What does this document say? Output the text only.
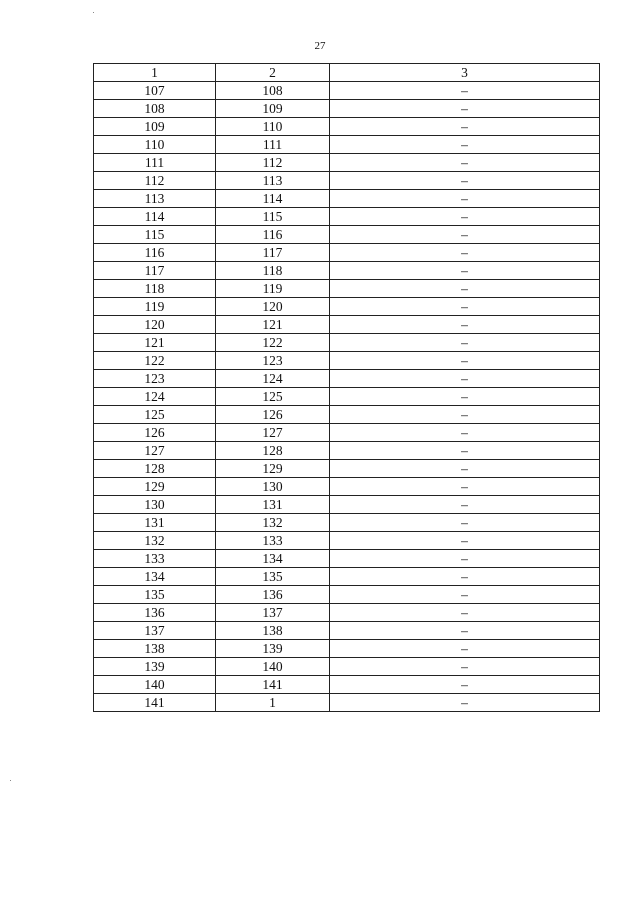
27
1	2	3
107	108	–
108	109	–
109	110	–
110	111	–
111	112	–
112	113	–
113	114	–
114	115	–
115	116	–
116	117	–
117	118	–
118	119	–
119	120	–
120	121	–
121	122	–
122	123	–
123	124	–
124	125	–
125	126	–
126	127	–
127	128	–
128	129	–
129	130	–
130	131	–
131	132	–
132	133	–
133	134	–
134	135	–
135	136	–
136	137	–
137	138	–
138	139	–
139	140	–
140	141	–
141	1	–
